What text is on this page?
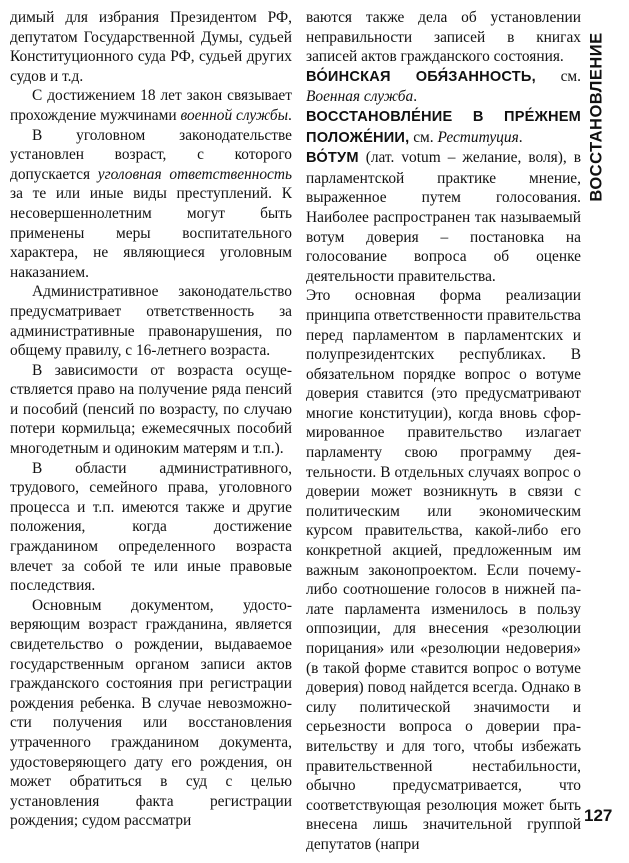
димый для избрания Президентом РФ, депутатом Государственной Думы, судьей Конституционного суда РФ, судьей других судов и т.д.

С достижением 18 лет закон связывает прохождение мужчинами военной службы.

В уголовном законодательстве установлен возраст, с которого допускается уголовная ответственность за те или иные виды преступлений. К несовершеннолетним могут быть применены меры воспитательного характера, не являющиеся уголовным наказанием.

Административное законодательство предусматривает ответственность за административные правонарушения, по общему правилу, с 16-летнего возраста.

В зависимости от возраста осуществляется право на получение ряда пенсий и пособий (пенсий по возрасту, по случаю потери кормильца; ежемесячных пособий многодетным и одиноким матерям и т.п.).

В области административного, трудового, семейного права, уголовного процесса и т.п. имеются также и другие положения, когда достижение гражданином определенного возраста влечет за собой те или иные правовые последствия.

Основным документом, удостоверяющим возраст гражданина, является свидетельство о рождении, выдаваемое государственным органом записи актов гражданского состояния при регистрации рождения ребенка. В случае невозможности получения или восстановления утраченного гражданином документа, удостоверяющего дату его рождения, он может обратиться в суд с целью установления факта регистрации рождения; судом рассматри

ваются также дела об установлении неправильности записей в книгах записей актов гражданского состояния.

ВО́ИНСКАЯ ОБЯ́ЗАННОСТЬ, см. Военная служба.

ВОССТАНОВЛЕ́НИЕ В ПРЕ́ЖНЕМ ПОЛОЖЕ́НИИ, см. Реституция.

ВО́ТУМ (лат. votum – желание, воля), в парламентской практике мнение, выраженное путем голосования. Наиболее распространен так называемый вотум доверия – постановка на голосование вопроса об оценке деятельности правительства.

Это основная форма реализации принципа ответственности правительства перед парламентом в парламентских и полупрезидентских республиках. В обязательном порядке вопрос о вотуме доверия ставится (это предусматривают многие конституции), когда вновь сформированное правительство излагает парламенту свою программу деятельности. В отдельных случаях вопрос о доверии может возникнуть в связи с политическим или экономическим курсом правительства, какой-либо его конкретной акцией, предложенным им важным законопроектом. Если почему-либо соотношение голосов в нижней палате парламента изменилось в пользу оппозиции, для внесения «резолюции порицания» или «резолюции недоверия» (в такой форме ставится вопрос о вотуме доверия) повод найдется всегда. Однако в силу политической значимости и серьезности вопроса о доверии правительству и для того, чтобы избежать правительственной нестабильности, обычно предусматривается, что соответствующая резолюция может быть внесена лишь значительной группой депутатов (напри

ВОССТАНОВЛЕНИЕ
127
